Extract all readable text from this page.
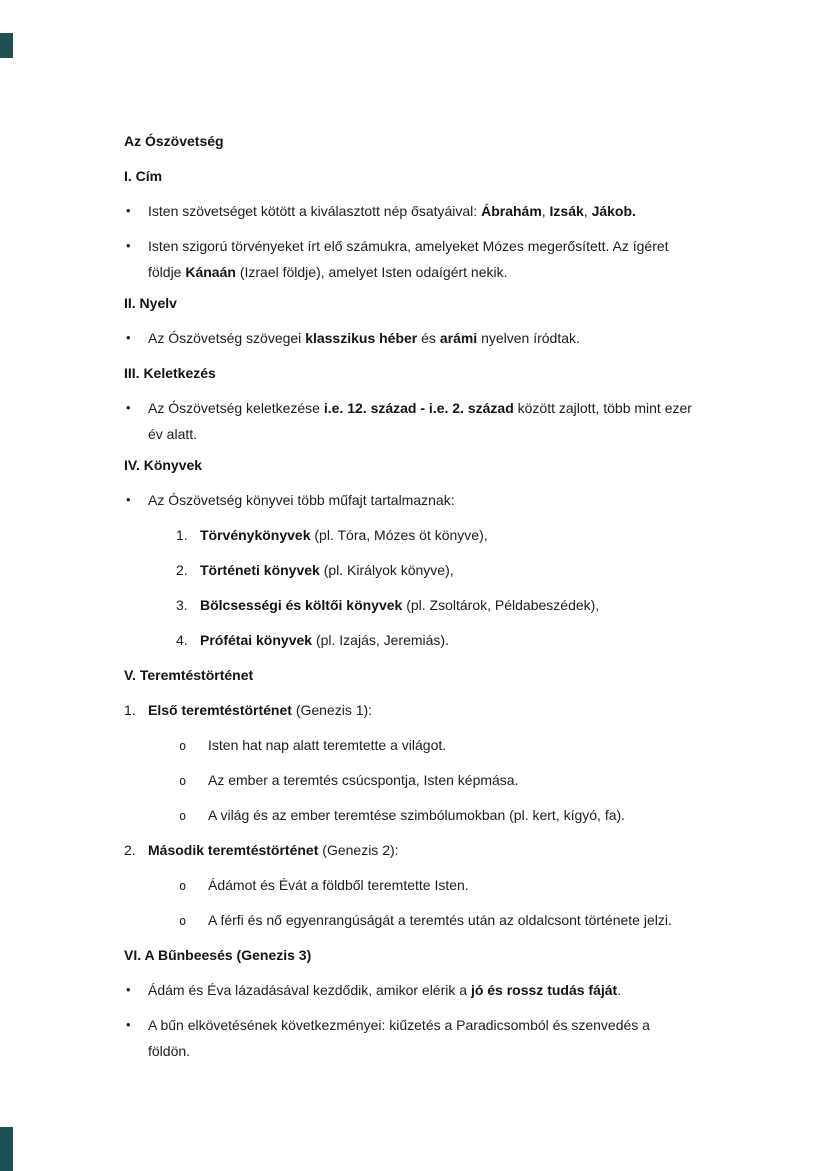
Az Ószövetség
I. Cím
• Isten szövetséget kötött a kiválasztott nép ősatyáival: Ábrahám, Izsák, Jákob.
• Isten szigorú törvényeket írt elő számukra, amelyeket Mózes megerősített. Az ígéret
földje Kánaán (Izrael földje), amelyet Isten odaígért nekik.
II. Nyelv
• Az Ószövetség szövegei klasszikus héber és arámi nyelven íródtak.
III. Keletkezés
• Az Ószövetség keletkezése i.e. 12. század - i.e. 2. század között zajlott, több mint ezer
év alatt.
IV. Könyvek
• Az Ószövetség könyvei több műfajt tartalmaznak:
1. Törvénykönyvek (pl. Tóra, Mózes öt könyve),
2. Történeti könyvek (pl. Királyok könyve),
3. Bölcsességi és költői könyvek (pl. Zsoltárok, Példabeszédek),
4. Prófétai könyvek (pl. Izajás, Jeremiás).
V. Teremtéstörténet
1. Első teremtéstörténet (Genezis 1):
o Isten hat nap alatt teremtette a világot.
o Az ember a teremtés csúcspontja, Isten képmása.
o A világ és az ember teremtése szimbólumokban (pl. kert, kígyó, fa).
2. Második teremtéstörténet (Genezis 2):
o Ádámot és Évát a földből teremtette Isten.
o A férfi és nő egyenrangúságát a teremtés után az oldalcsont története jelzi.
VI. A Bűnbeesés (Genezis 3)
• Ádám és Éva lázadásával kezdődik, amikor elérik a jó és rossz tudás fáját.
• A bűn elkövetésének következményei: kiűzetés a Paradicsomból és szenvedés a
földön.
